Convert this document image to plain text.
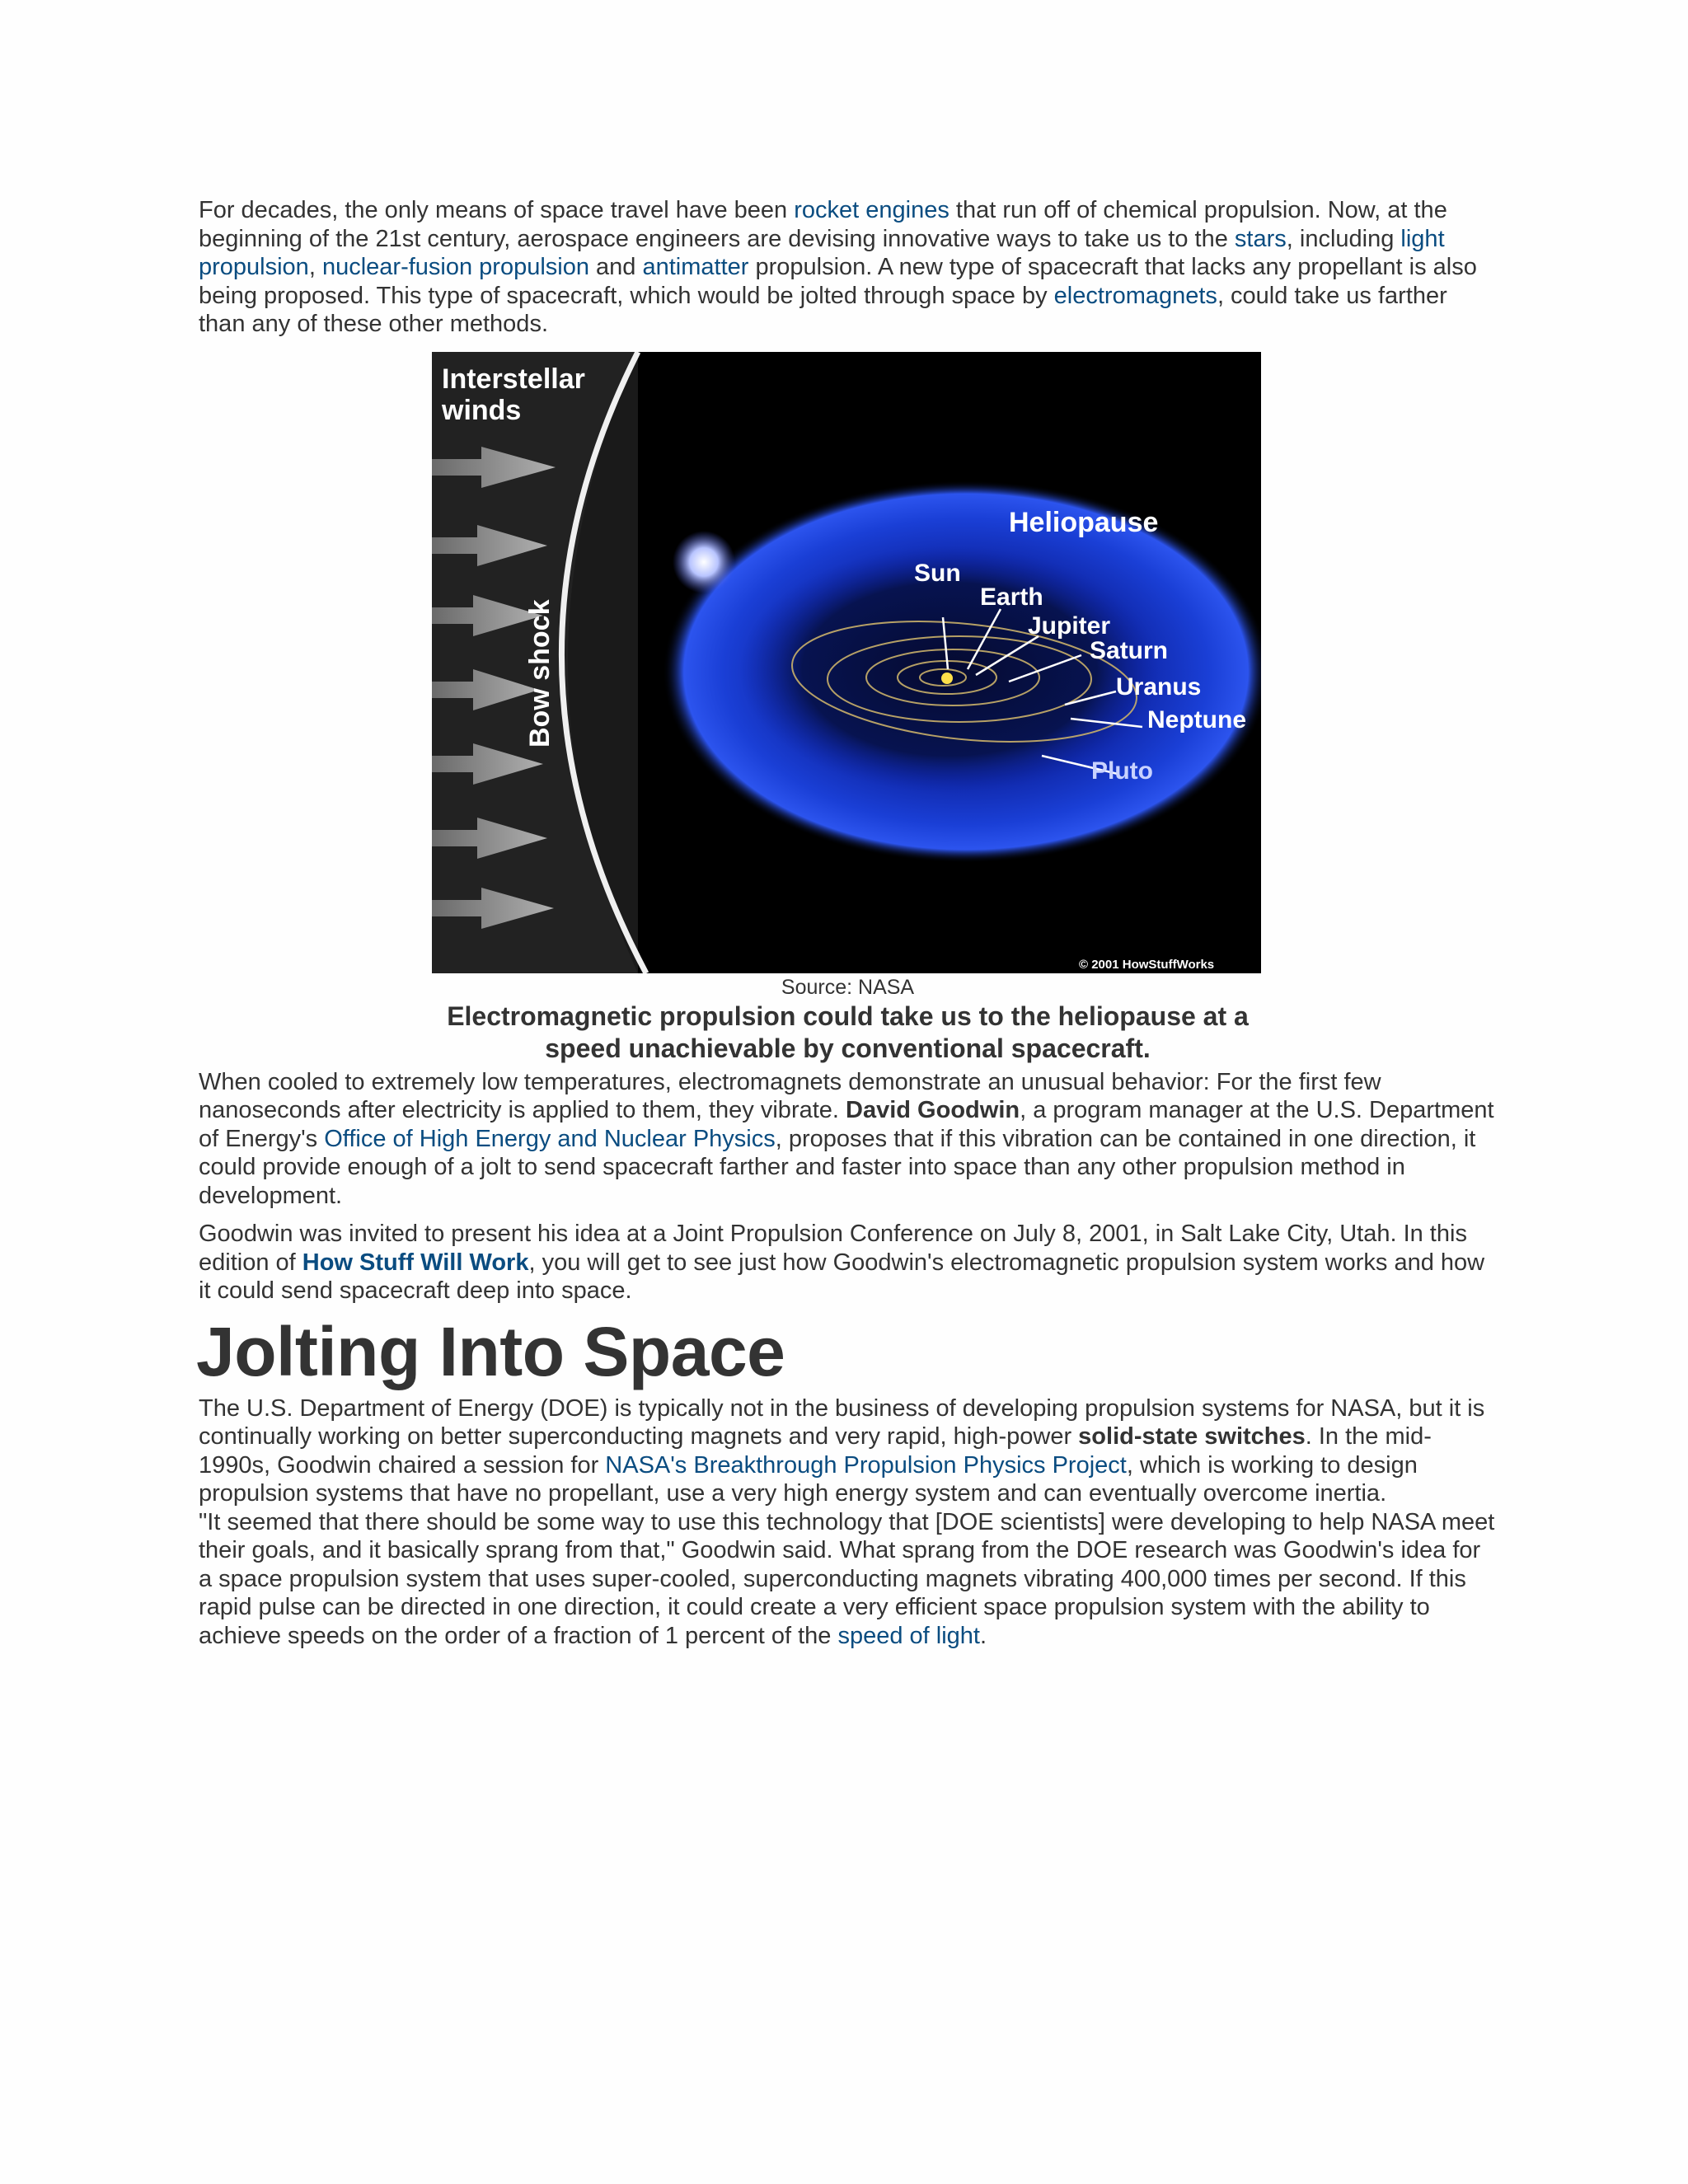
For decades, the only means of space travel have been rocket engines that run off of chemical propulsion. Now, at the beginning of the 21st century, aerospace engineers are devising innovative ways to take us to the stars, including light propulsion, nuclear-fusion propulsion and antimatter propulsion. A new type of spacecraft that lacks any propellant is also being proposed. This type of spacecraft, which would be jolted through space by electromagnets, could take us farther than any of these other methods.

Interstellar
winds
Heliopause
Sun
Earth
Jupiter
Saturn
Uranus
Neptune
Pluto
Bow shock
© 2001 HowStuffWorks
Source: NASA
Electromagnetic propulsion could take us to the heliopause at a speed unachievable by conventional spacecraft.

When cooled to extremely low temperatures, electromagnets demonstrate an unusual behavior: For the first few nanoseconds after electricity is applied to them, they vibrate. David Goodwin, a program manager at the U.S. Department of Energy's Office of High Energy and Nuclear Physics, proposes that if this vibration can be contained in one direction, it could provide enough of a jolt to send spacecraft farther and faster into space than any other propulsion method in development.

Goodwin was invited to present his idea at a Joint Propulsion Conference on July 8, 2001, in Salt Lake City, Utah. In this edition of How Stuff Will Work, you will get to see just how Goodwin's electromagnetic propulsion system works and how it could send spacecraft deep into space.

Jolting Into Space

The U.S. Department of Energy (DOE) is typically not in the business of developing propulsion systems for NASA, but it is continually working on better superconducting magnets and very rapid, high-power solid-state switches. In the mid-1990s, Goodwin chaired a session for NASA's Breakthrough Propulsion Physics Project, which is working to design propulsion systems that have no propellant, use a very high energy system and can eventually overcome inertia.

"It seemed that there should be some way to use this technology that [DOE scientists] were developing to help NASA meet their goals, and it basically sprang from that," Goodwin said. What sprang from the DOE research was Goodwin's idea for a space propulsion system that uses super-cooled, superconducting magnets vibrating 400,000 times per second. If this rapid pulse can be directed in one direction, it could create a very efficient space propulsion system with the ability to achieve speeds on the order of a fraction of 1 percent of the speed of light.
